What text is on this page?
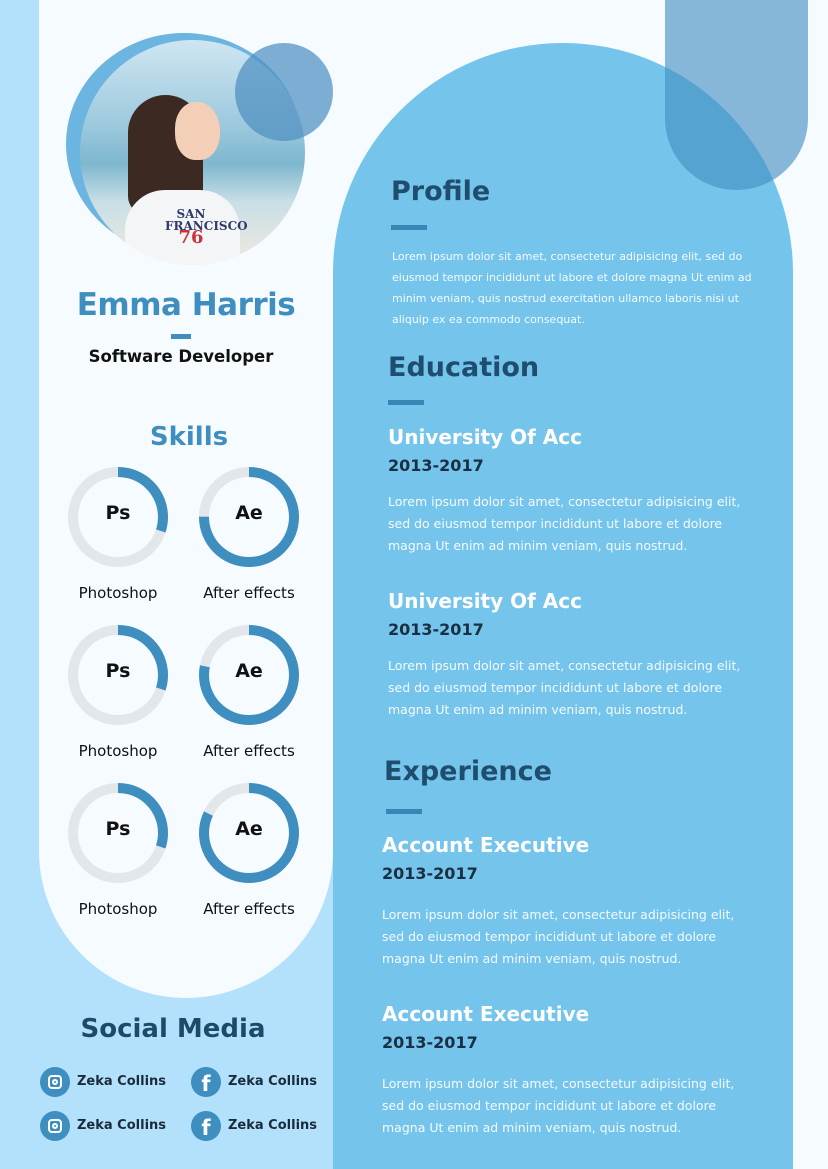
SAN
FRANCISCO
76
Emma Harris
Software Developer
Skills
Ps
Photoshop
Ae
After effects
Ps
Photoshop
Ae
After effects
Ps
Photoshop
Ae
After effects
Social Media
Zeka Collins	f	Zeka Collins
Zeka Collins	f	Zeka Collins
Profile
Lorem ipsum dolor sit amet, consectetur adipisicing elit, sed do eiusmod tempor incididunt ut labore et dolore magna Ut enim ad minim veniam, quis nostrud exercitation ullamco laboris nisi ut aliquip ex ea commodo consequat.
Education
University Of Acc
2013-2017
Lorem ipsum dolor sit amet, consectetur adipisicing elit, sed do eiusmod tempor incididunt ut labore et dolore magna Ut enim ad minim veniam, quis nostrud.
University Of Acc
2013-2017
Lorem ipsum dolor sit amet, consectetur adipisicing elit, sed do eiusmod tempor incididunt ut labore et dolore magna Ut enim ad minim veniam, quis nostrud.
Experience
Account Executive
2013-2017
Lorem ipsum dolor sit amet, consectetur adipisicing elit, sed do eiusmod tempor incididunt ut labore et dolore magna Ut enim ad minim veniam, quis nostrud.
Account Executive
2013-2017
Lorem ipsum dolor sit amet, consectetur adipisicing elit, sed do eiusmod tempor incididunt ut labore et dolore magna Ut enim ad minim veniam, quis nostrud.
